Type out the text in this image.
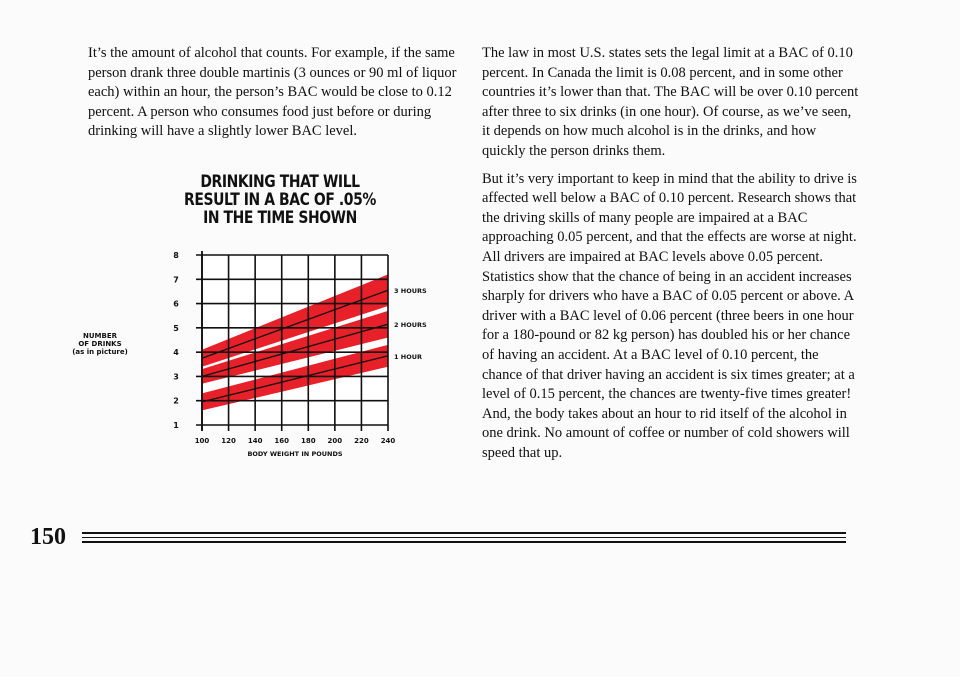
It’s the amount of alcohol that counts. For example, if the same person drank three double martinis (3 ounces or 90 ml of liquor each) within an hour, the person’s BAC would be close to 0.12 percent. A person who consumes food just before or during drinking will have a slightly lower BAC level.

DRINKING THAT WILL
RESULT IN A BAC OF .05%
IN THE TIME SHOWN
1
2
3
4
5
6
7
8
100 120 140 160 180 200 220 240
BODY WEIGHT IN POUNDS
NUMBER
OF DRINKS
(as in picture)
3 HOURS
2 HOURS
1 HOUR

The law in most U.S. states sets the legal limit at a BAC of 0.10 percent. In Canada the limit is 0.08 percent, and in some other countries it’s lower than that. The BAC will be over 0.10 percent after three to six drinks (in one hour). Of course, as we’ve seen, it depends on how much alcohol is in the drinks, and how quickly the person drinks them.

But it’s very important to keep in mind that the ability to drive is affected well below a BAC of 0.10 percent. Research shows that the driving skills of many people are impaired at a BAC approaching 0.05 percent, and that the effects are worse at night. All drivers are impaired at BAC levels above 0.05 percent. Statistics show that the chance of being in an accident increases sharply for drivers who have a BAC of 0.05 percent or above. A driver with a BAC level of 0.06 percent (three beers in one hour for a 180-pound or 82 kg person) has doubled his or her chance of having an accident. At a BAC level of 0.10 percent, the chance of that driver having an accident is six times greater; at a level of 0.15 percent, the chances are twenty-five times greater! And, the body takes about an hour to rid itself of the alcohol in one drink. No amount of coffee or number of cold showers will speed that up.

150
